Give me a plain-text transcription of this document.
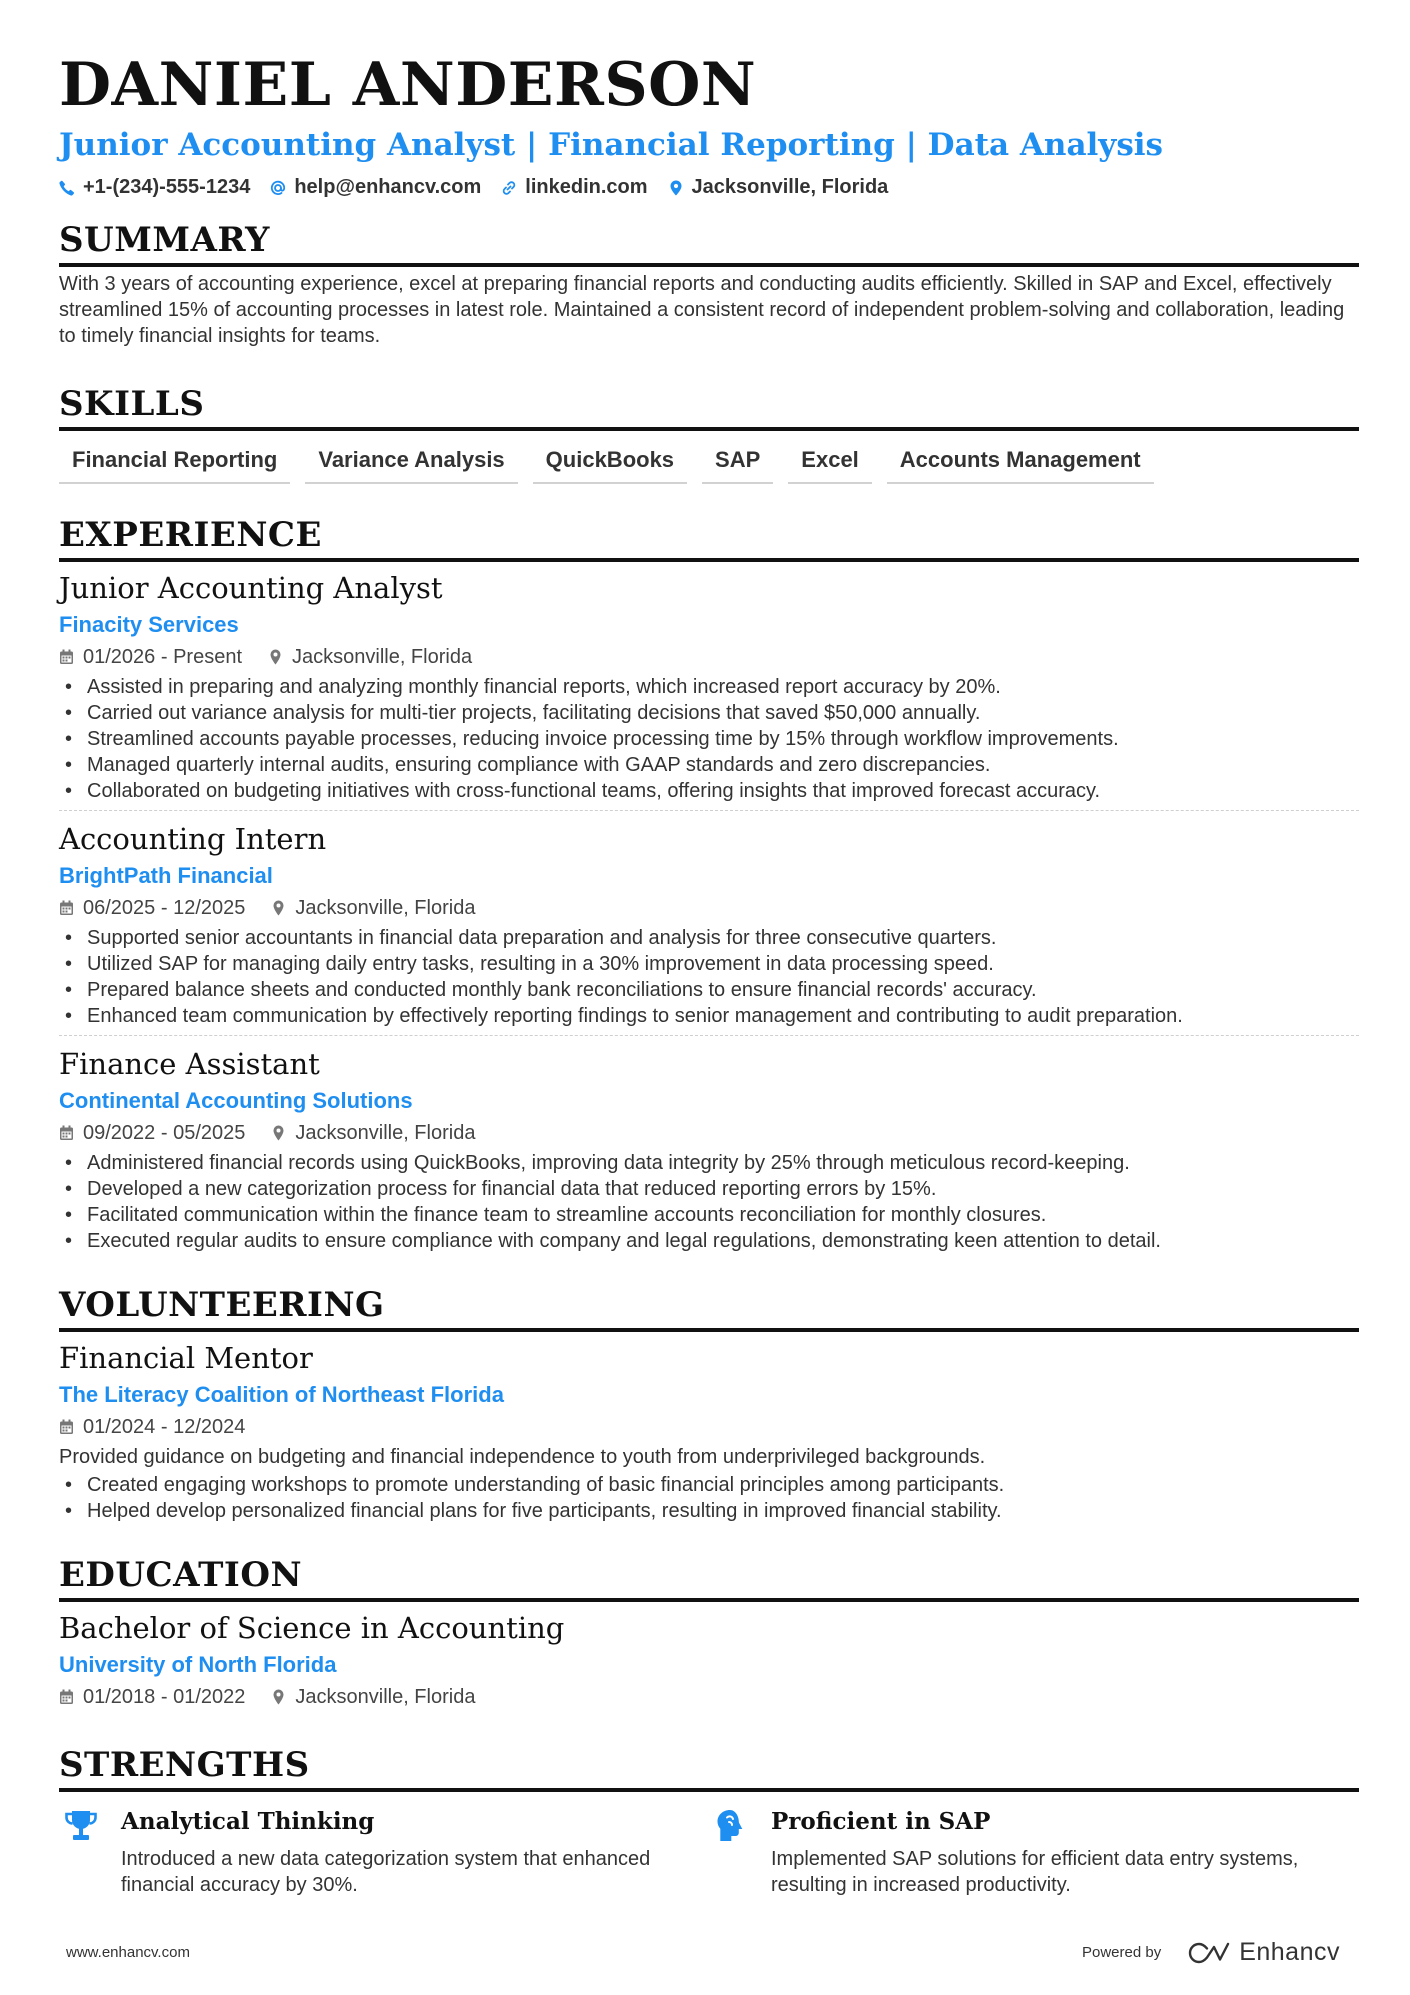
DANIEL ANDERSON
Junior Accounting Analyst | Financial Reporting | Data Analysis
+1-(234)-555-1234 help@enhancv.com linkedin.com Jacksonville, Florida
SUMMARY
With 3 years of accounting experience, excel at preparing financial reports and conducting audits efficiently. Skilled in SAP and Excel, effectively streamlined 15% of accounting processes in latest role. Maintained a consistent record of independent problem-solving and collaboration, leading to timely financial insights for teams.
SKILLS
Financial Reporting	Variance Analysis	QuickBooks	SAP	Excel	Accounts Management
EXPERIENCE
Junior Accounting Analyst
Finacity Services
01/2026 - Present	Jacksonville, Florida
• Assisted in preparing and analyzing monthly financial reports, which increased report accuracy by 20%.
• Carried out variance analysis for multi-tier projects, facilitating decisions that saved $50,000 annually.
• Streamlined accounts payable processes, reducing invoice processing time by 15% through workflow improvements.
• Managed quarterly internal audits, ensuring compliance with GAAP standards and zero discrepancies.
• Collaborated on budgeting initiatives with cross-functional teams, offering insights that improved forecast accuracy.
Accounting Intern
BrightPath Financial
06/2025 - 12/2025	Jacksonville, Florida
• Supported senior accountants in financial data preparation and analysis for three consecutive quarters.
• Utilized SAP for managing daily entry tasks, resulting in a 30% improvement in data processing speed.
• Prepared balance sheets and conducted monthly bank reconciliations to ensure financial records' accuracy.
• Enhanced team communication by effectively reporting findings to senior management and contributing to audit preparation.
Finance Assistant
Continental Accounting Solutions
09/2022 - 05/2025	Jacksonville, Florida
• Administered financial records using QuickBooks, improving data integrity by 25% through meticulous record-keeping.
• Developed a new categorization process for financial data that reduced reporting errors by 15%.
• Facilitated communication within the finance team to streamline accounts reconciliation for monthly closures.
• Executed regular audits to ensure compliance with company and legal regulations, demonstrating keen attention to detail.
VOLUNTEERING
Financial Mentor
The Literacy Coalition of Northeast Florida
01/2024 - 12/2024
Provided guidance on budgeting and financial independence to youth from underprivileged backgrounds.
• Created engaging workshops to promote understanding of basic financial principles among participants.
• Helped develop personalized financial plans for five participants, resulting in improved financial stability.
EDUCATION
Bachelor of Science in Accounting
University of North Florida
01/2018 - 01/2022	Jacksonville, Florida
STRENGTHS
Analytical Thinking
Introduced a new data categorization system that enhanced financial accuracy by 30%.
Proficient in SAP
Implemented SAP solutions for efficient data entry systems, resulting in increased productivity.
www.enhancv.com	Powered by	Enhancv
